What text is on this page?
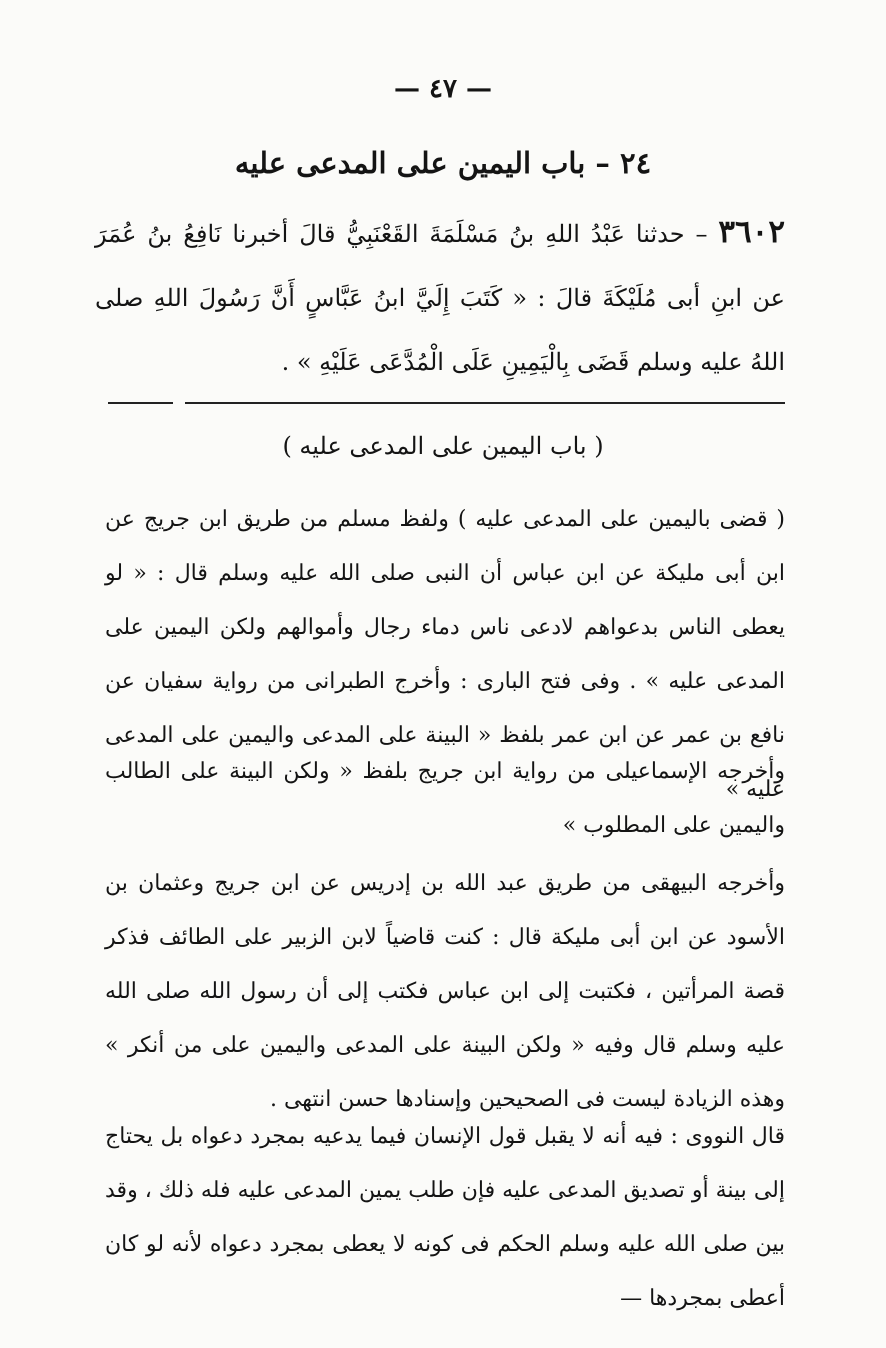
— ٤٧ —
٢٤ – باب اليمين على المدعى عليه
٣٦٠٢ – حدثنا عَبْدُ اللهِ بنُ مَسْلَمَةَ القَعْنَبِيُّ قالَ أخبرنا نَافِعُ بنُ عُمَرَ عن ابنِ أبى مُلَيْكَةَ قالَ : « كَتَبَ إِلَيَّ ابنُ عَبَّاسٍ أَنَّ رَسُولَ اللهِ صلى اللهُ عليه وسلم قَضَى بِالْيَمِينِ عَلَى الْمُدَّعَى عَلَيْهِ » .
( باب اليمين على المدعى عليه )
( قضى باليمين على المدعى عليه ) ولفظ مسلم من طريق ابن جريج عن ابن أبى مليكة عن ابن عباس أن النبى صلى الله عليه وسلم قال : « لو يعطى الناس بدعواهم لادعى ناس دماء رجال وأموالهم ولكن اليمين على المدعى عليه » . وفى فتح البارى : وأخرج الطبرانى من رواية سفيان عن نافع بن عمر عن ابن عمر بلفظ « البينة على المدعى واليمين على المدعى عليه »
وأخرجه الإسماعيلى من رواية ابن جريج بلفظ « ولكن البينة على الطالب واليمين على المطلوب »
وأخرجه البيهقى من طريق عبد الله بن إدريس عن ابن جريج وعثمان بن الأسود عن ابن أبى مليكة قال : كنت قاضياً لابن الزبير على الطائف فذكر قصة المرأتين ، فكتبت إلى ابن عباس فكتب إلى أن رسول الله صلى الله عليه وسلم قال وفيه « ولكن البينة على المدعى واليمين على من أنكر » وهذه الزيادة ليست فى الصحيحين وإسنادها حسن انتهى .
قال النووى : فيه أنه لا يقبل قول الإنسان فيما يدعيه بمجرد دعواه بل يحتاج إلى بينة أو تصديق المدعى عليه فإن طلب يمين المدعى عليه فله ذلك ، وقد بين صلى الله عليه وسلم الحكم فى كونه لا يعطى بمجرد دعواه لأنه لو كان أعطى بمجردها —
